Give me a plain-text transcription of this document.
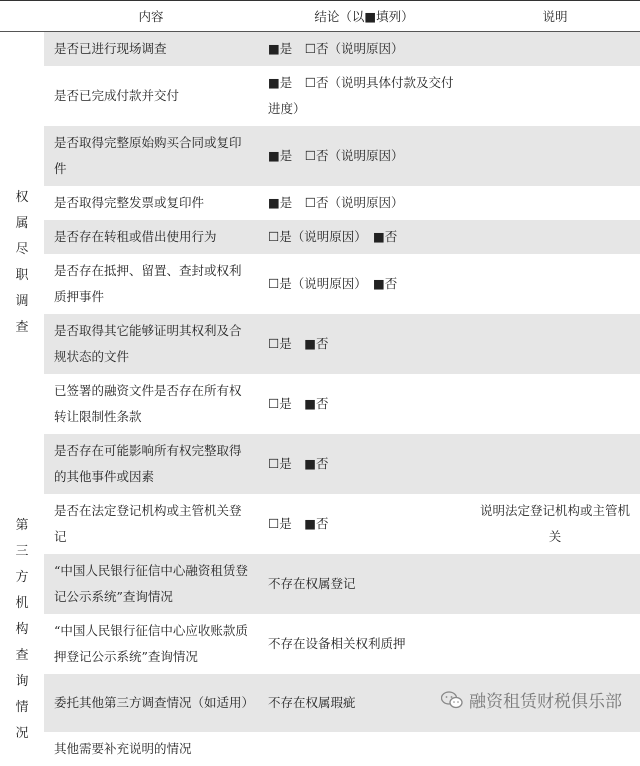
	内容	结论（以■填列）	说明
权属尽职调查	是否已进行现场调查	■是　☐否（说明原因）	
	是否已完成付款并交付	■是　☐否（说明具体付款及交付进度）	
	是否取得完整原始购买合同或复印件	■是　☐否（说明原因）	
	是否取得完整发票或复印件	■是　☐否（说明原因）	
	是否存在转租或借出使用行为	☐是（说明原因）　■否	
	是否存在抵押、留置、查封或权利质押事件	☐是（说明原因）　■否	
	是否取得其它能够证明其权利及合规状态的文件	☐是　■否	
	已签署的融资文件是否存在所有权转让限制性条款	☐是　■否	
	是否存在可能影响所有权完整取得的其他事件或因素	☐是　■否	
第三方机构查询情况	是否在法定登记机构或主管机关登记	☐是　■否	说明法定登记机构或主管机关
	“中国人民银行征信中心融资租赁登记公示系统”查询情况	不存在权属登记	
	“中国人民银行征信中心应收账款质押登记公示系统”查询情况	不存在设备相关权利质押	
	委托其他第三方调查情况（如适用）	不存在权属瑕疵	
	其他需要补充说明的情况		
融资租赁财税俱乐部
